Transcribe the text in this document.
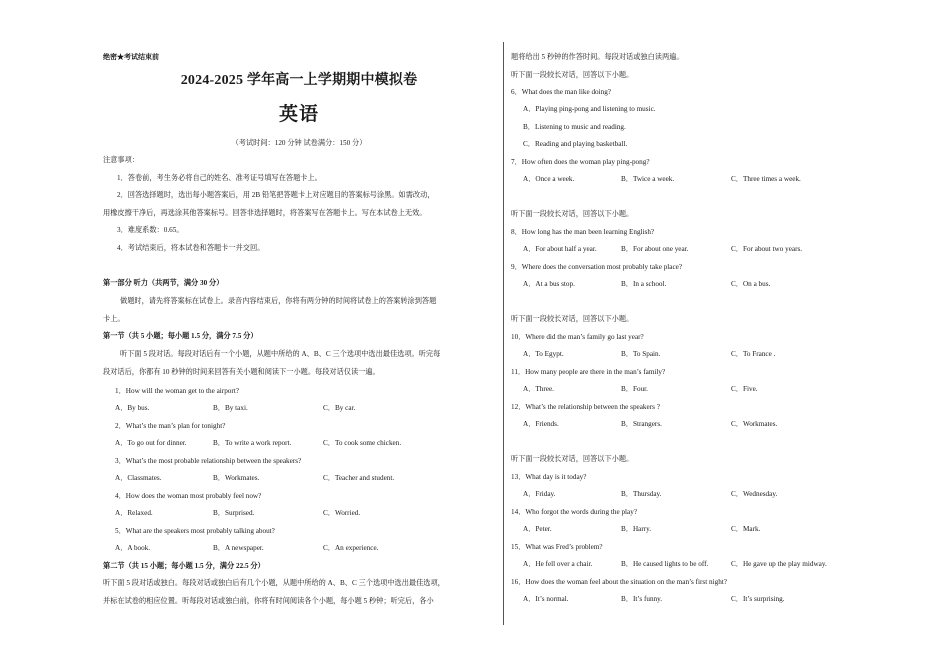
绝密★考试结束前
2024-2025 学年高一上学期期中模拟卷
英语
（考试时间：120 分钟 试卷满分：150 分）
注意事项：
1．答卷前，考生务必将自己的姓名、准考证号填写在答题卡上。
2．回答选择题时，选出每小题答案后，用 2B 铅笔把答题卡上对应题目的答案标号涂黑。如需改动，
用橡皮擦干净后，再选涂其他答案标号。回答非选择题时，将答案写在答题卡上。写在本试卷上无效。
3．难度系数：0.65。
4．考试结束后，将本试卷和答题卡一并交回。
第一部分 听力（共两节，满分 30 分）
做题时，请先将答案标在试卷上。录音内容结束后，你将有两分钟的时间将试卷上的答案转涂到答题
卡上。
第一节（共 5 小题；每小题 1.5 分，满分 7.5 分）
听下面 5 段对话。每段对话后有一个小题，从题中所给的 A、B、C 三个选项中选出最佳选项。听完每
段对话后，你都有 10 秒钟的时间来回答有关小题和阅读下一小题。每段对话仅读一遍。
1．How will the woman get to the airport?
A．By bus.	B．By taxi.	C．By car.
2．What’s the man’s plan for tonight?
A．To go out for dinner.	B．To write a work report.	C．To cook some chicken.
3．What’s the most probable relationship between the speakers?
A．Classmates.	B．Workmates.	C．Teacher and student.
4．How does the woman most probably feel now?
A．Relaxed.	B．Surprised.	C．Worried.
5．What are the speakers most probably talking about?
A．A book.	B．A newspaper.	C．An experience.
第二节（共 15 小题；每小题 1.5 分，满分 22.5 分）
听下面 5 段对话或独白。每段对话或独白后有几个小题，从题中所给的 A、B、C 三个选项中选出最佳选项，
并标在试卷的相应位置。听每段对话或独白前，你将有时间阅读各个小题，每小题 5 秒钟；听完后，各小
题将给出 5 秒钟的作答时间。每段对话或独白读两遍。
听下面一段较长对话，回答以下小题。
6．What does the man like doing?
A．Playing ping-pong and listening to music.
B．Listening to music and reading.
C．Reading and playing basketball.
7．How often does the woman play ping-pong?
A．Once a week.	B．Twice a week.	C．Three times a week.
听下面一段较长对话，回答以下小题。
8．How long has the man been learning English?
A．For about half a year.	B．For about one year.	C．For about two years.
9．Where does the conversation most probably take place?
A．At a bus stop.	B．In a school.	C．On a bus.
听下面一段较长对话，回答以下小题。
10．Where did the man’s family go last year?
A．To Egypt.	B．To Spain.	C．To France .
11．How many people are there in the man’s family?
A．Three.	B．Four.	C．Five.
12．What’s the relationship between the speakers ?
A．Friends.	B．Strangers.	C．Workmates.
听下面一段较长对话，回答以下小题。
13．What day is it today?
A．Friday.	B．Thursday.	C．Wednesday.
14．Who forgot the words during the play?
A．Peter.	B．Harry.	C．Mark.
15．What was Fred’s problem?
A．He fell over a chair.	B．He caused lights to be off.	C．He gave up the play midway.
16．How does the woman feel about the situation on the man’s first night?
A．It’s normal.	B．It’s funny.	C．It’s surprising.
